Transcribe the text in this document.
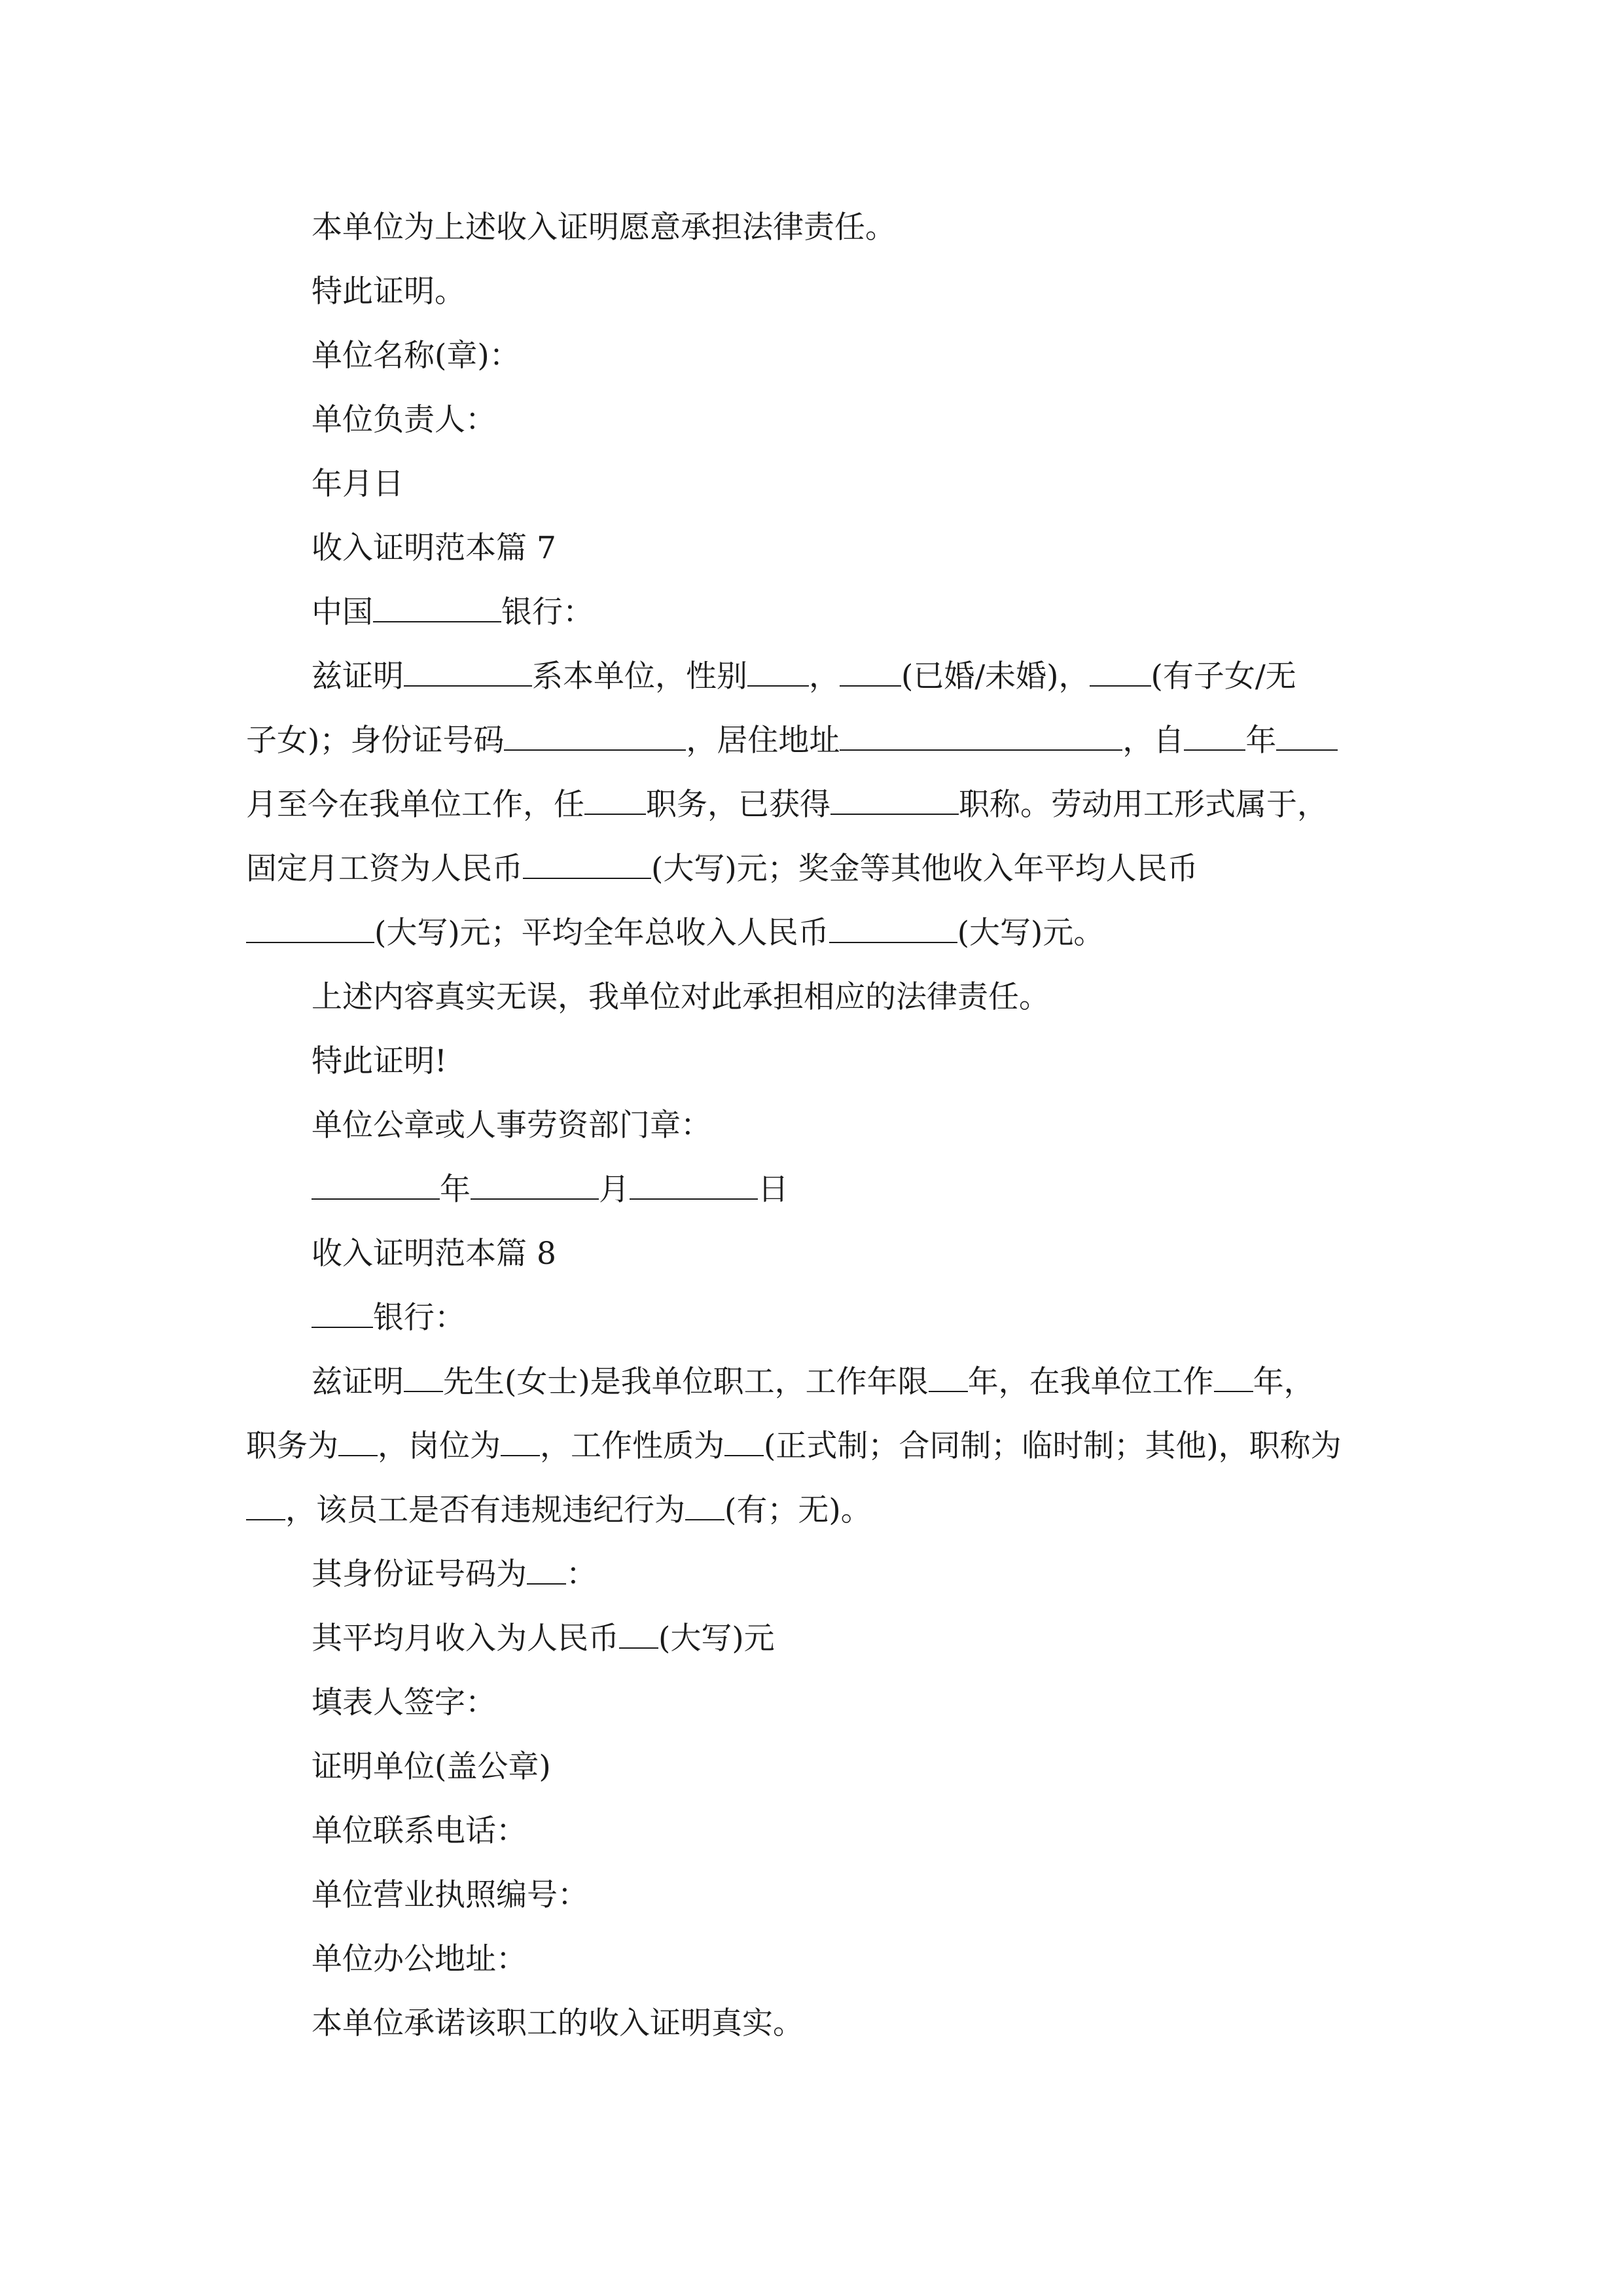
本单位为上述收入证明愿意承担法律责任。
特此证明。
单位名称(章)：
单位负责人：
年月日
收入证明范本篇 7
中国	银行：
兹证明	系本单位，性别 ， (已婚/未婚)， (有子女/无
子女)；身份证号码	，居住地址	，自 年
月至今在我单位工作，任 职务，已获得	职称。劳动用工形式属于，
固定月工资为人民币	(大写)元；奖金等其他收入年平均人民币
(大写)元；平均全年总收入人民币	(大写)元。
上述内容真实无误，我单位对此承担相应的法律责任。
特此证明!
单位公章或人事劳资部门章：
年	月	日
收入证明范本篇 8
银行：
兹证明 先生(女士)是我单位职工，工作年限 年，在我单位工作 年，
职务为 ，岗位为 ，工作性质为 (正式制；合同制；临时制；其他)，职称为
，该员工是否有违规违纪行为 (有；无)。
其身份证号码为 ：
其平均月收入为人民币 (大写)元
填表人签字：
证明单位(盖公章)
单位联系电话：
单位营业执照编号：
单位办公地址：
本单位承诺该职工的收入证明真实。
